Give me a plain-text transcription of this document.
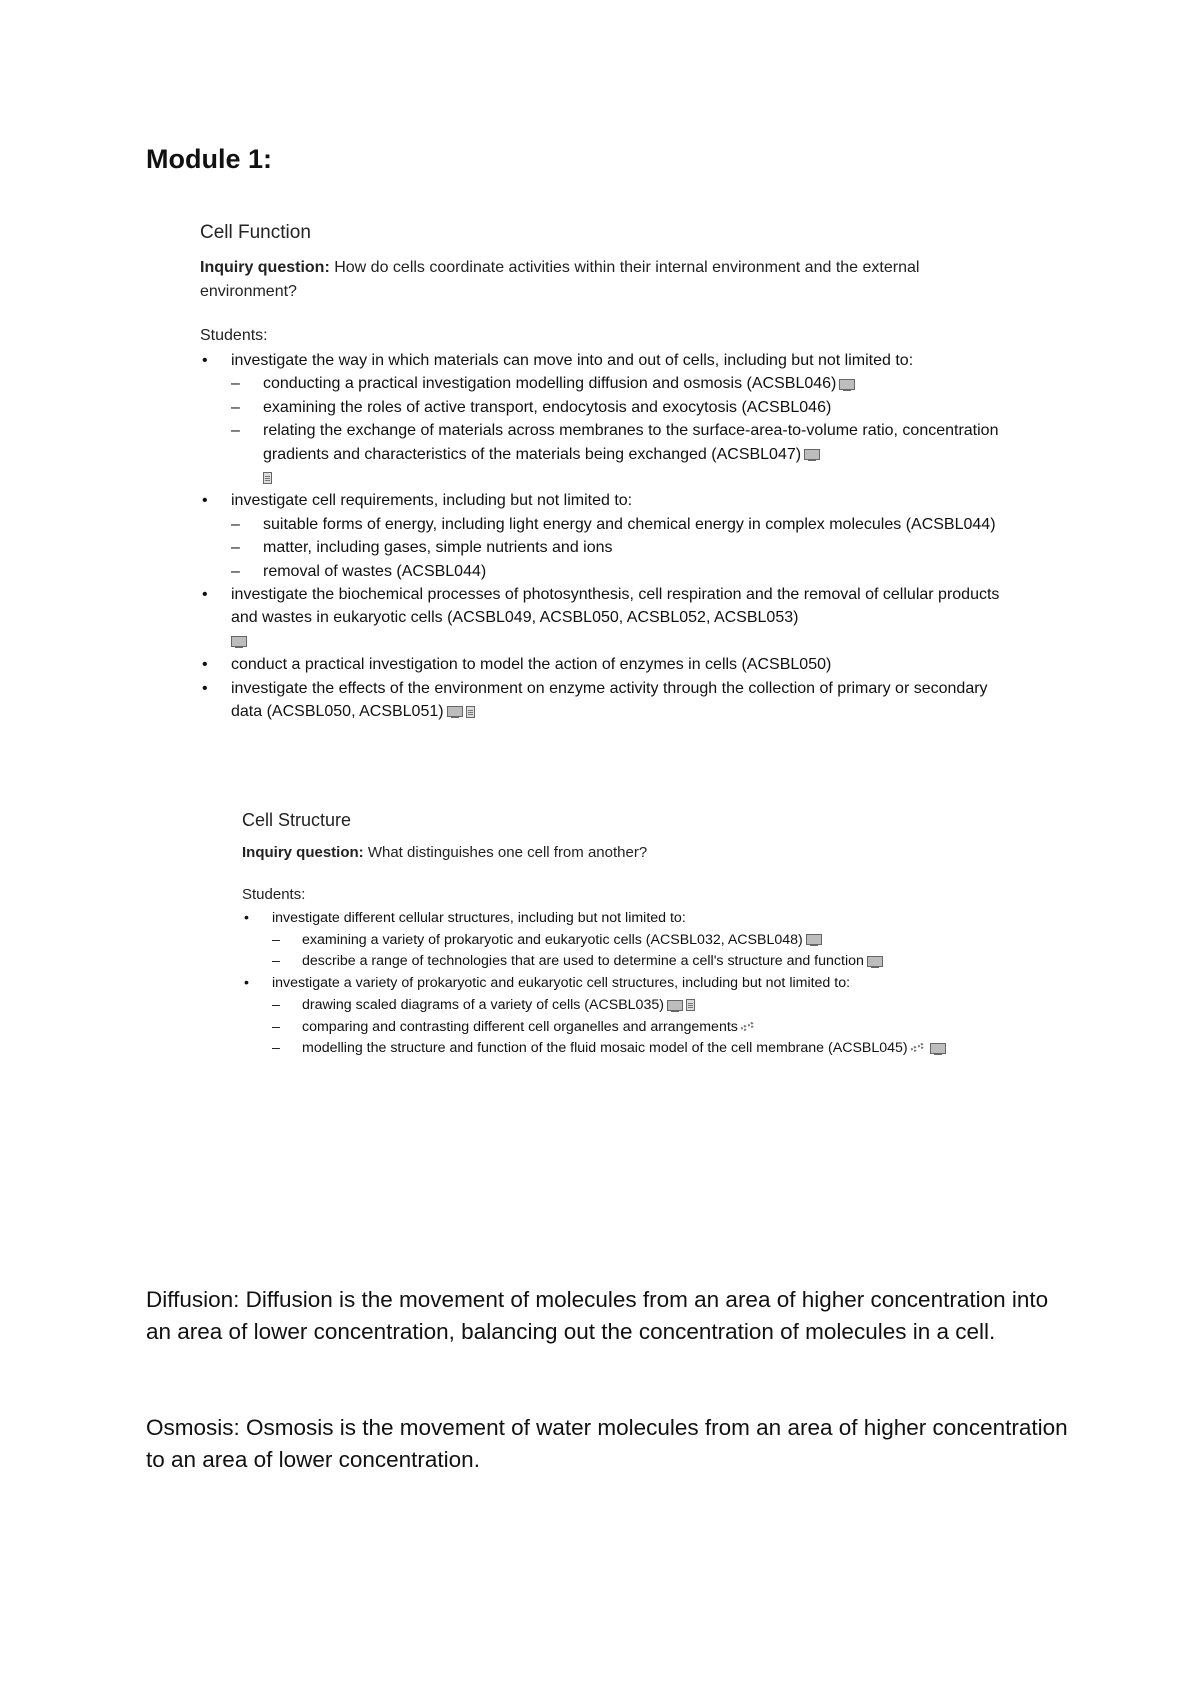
Module 1:
Cell Function

Inquiry question: How do cells coordinate activities within their internal environment and the external environment?

Students:

• investigate the way in which materials can move into and out of cells, including but not limited to:
– conducting a practical investigation modelling diffusion and osmosis (ACSBL046)
– examining the roles of active transport, endocytosis and exocytosis (ACSBL046)
– relating the exchange of materials across membranes to the surface-area-to-volume ratio, concentration gradients and characteristics of the materials being exchanged (ACSBL047)

• investigate cell requirements, including but not limited to:
– suitable forms of energy, including light energy and chemical energy in complex molecules (ACSBL044)
– matter, including gases, simple nutrients and ions
– removal of wastes (ACSBL044)
• investigate the biochemical processes of photosynthesis, cell respiration and the removal of cellular products and wastes in eukaryotic cells (ACSBL049, ACSBL050, ACSBL052, ACSBL053)

• conduct a practical investigation to model the action of enzymes in cells (ACSBL050)
• investigate the effects of the environment on enzyme activity through the collection of primary or secondary data (ACSBL050, ACSBL051)
Cell Structure

Inquiry question: What distinguishes one cell from another?

Students:

• investigate different cellular structures, including but not limited to:
– examining a variety of prokaryotic and eukaryotic cells (ACSBL032, ACSBL048)
– describe a range of technologies that are used to determine a cell's structure and function
• investigate a variety of prokaryotic and eukaryotic cell structures, including but not limited to:
– drawing scaled diagrams of a variety of cells (ACSBL035)
– comparing and contrasting different cell organelles and arrangements
– modelling the structure and function of the fluid mosaic model of the cell membrane (ACSBL045)

Diffusion: Diffusion is the movement of molecules from an area of higher concentration into an area of lower concentration, balancing out the concentration of molecules in a cell.

Osmosis: Osmosis is the movement of water molecules from an area of higher concentration to an area of lower concentration.
